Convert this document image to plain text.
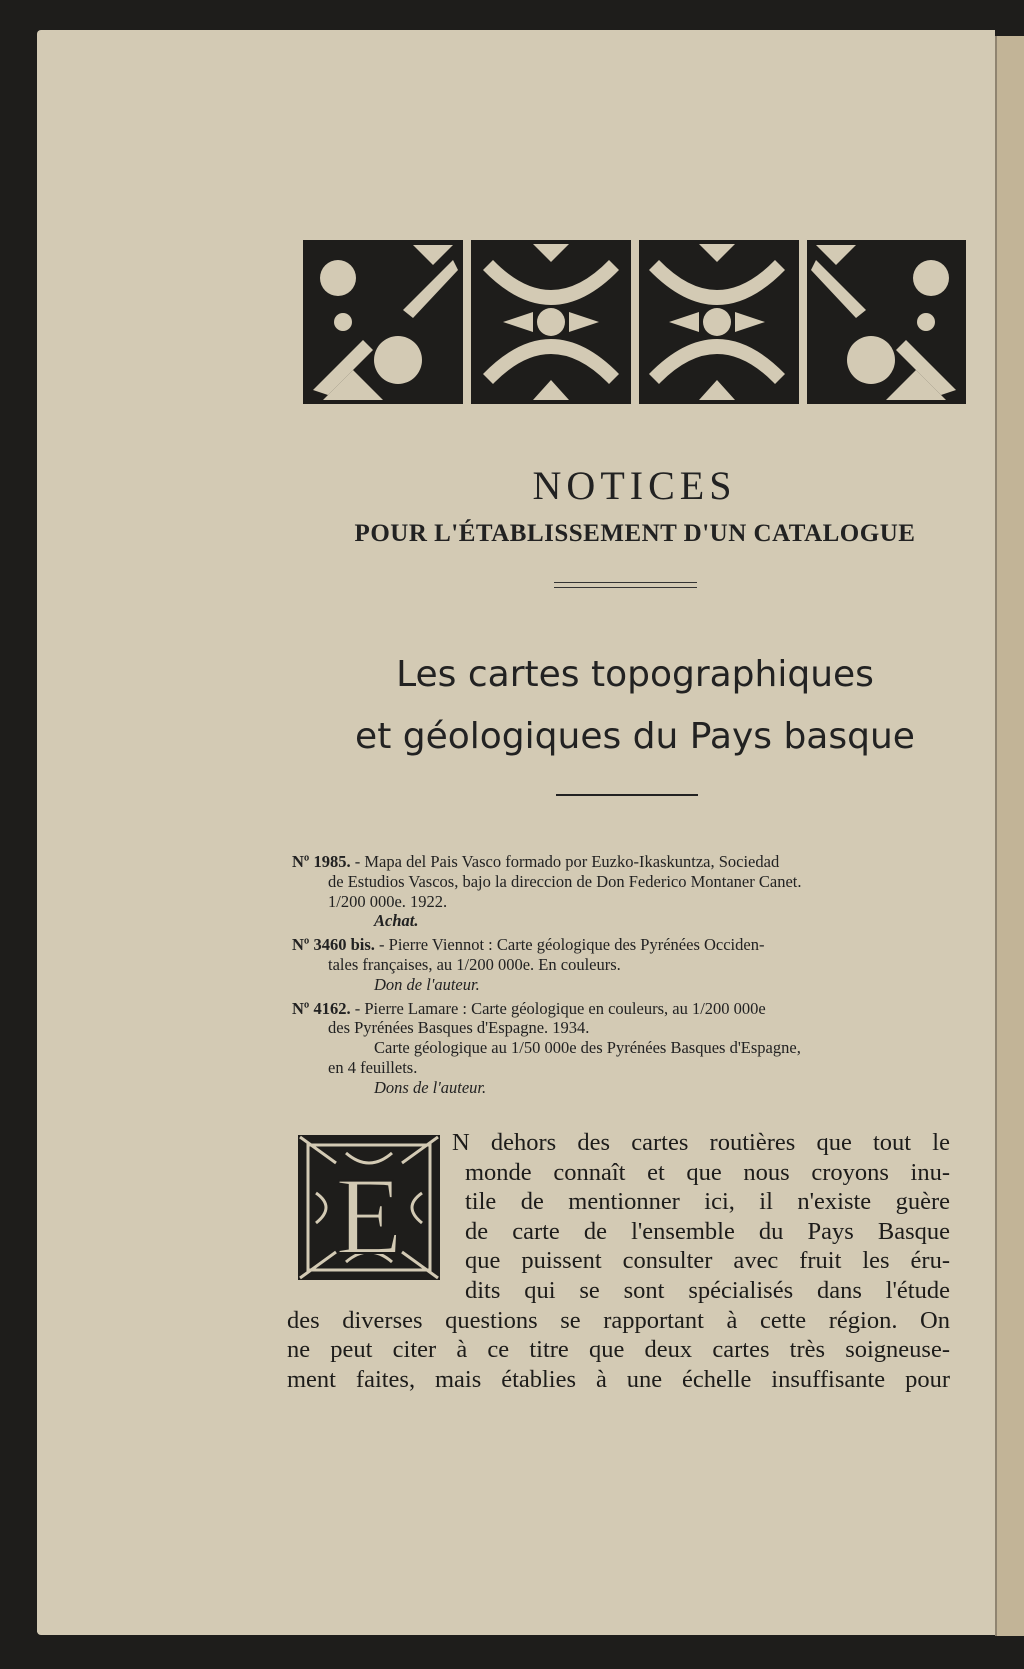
NOTICES
POUR L'ÉTABLISSEMENT D'UN CATALOGUE
Les cartes topographiques
et géologiques du Pays basque

Nº 1985. - Mapa del Pais Vasco formado por Euzko-Ikaskuntza, Sociedad

de Estudios Vascos, bajo la direccion de Don Federico Montaner Canet.

1/200 000e. 1922.

Achat.

Nº 3460 bis. - Pierre Viennot : Carte géologique des Pyrénées Occiden-

tales françaises, au 1/200 000e. En couleurs.

Don de l'auteur.

Nº 4162. - Pierre Lamare : Carte géologique en couleurs, au 1/200 000e

des Pyrénées Basques d'Espagne. 1934.

Carte géologique au 1/50 000e des Pyrénées Basques d'Espagne,

en 4 feuillets.

Dons de l'auteur.

E
N dehors des cartes routières que tout le
monde connaît et que nous croyons inu-
tile de mentionner ici, il n'existe guère
de carte de l'ensemble du Pays Basque
que puissent consulter avec fruit les éru-
dits qui se sont spécialisés dans l'étude
des diverses questions se rapportant à cette région. On
ne peut citer à ce titre que deux cartes très soigneuse-
ment faites, mais établies à une échelle insuffisante pour
